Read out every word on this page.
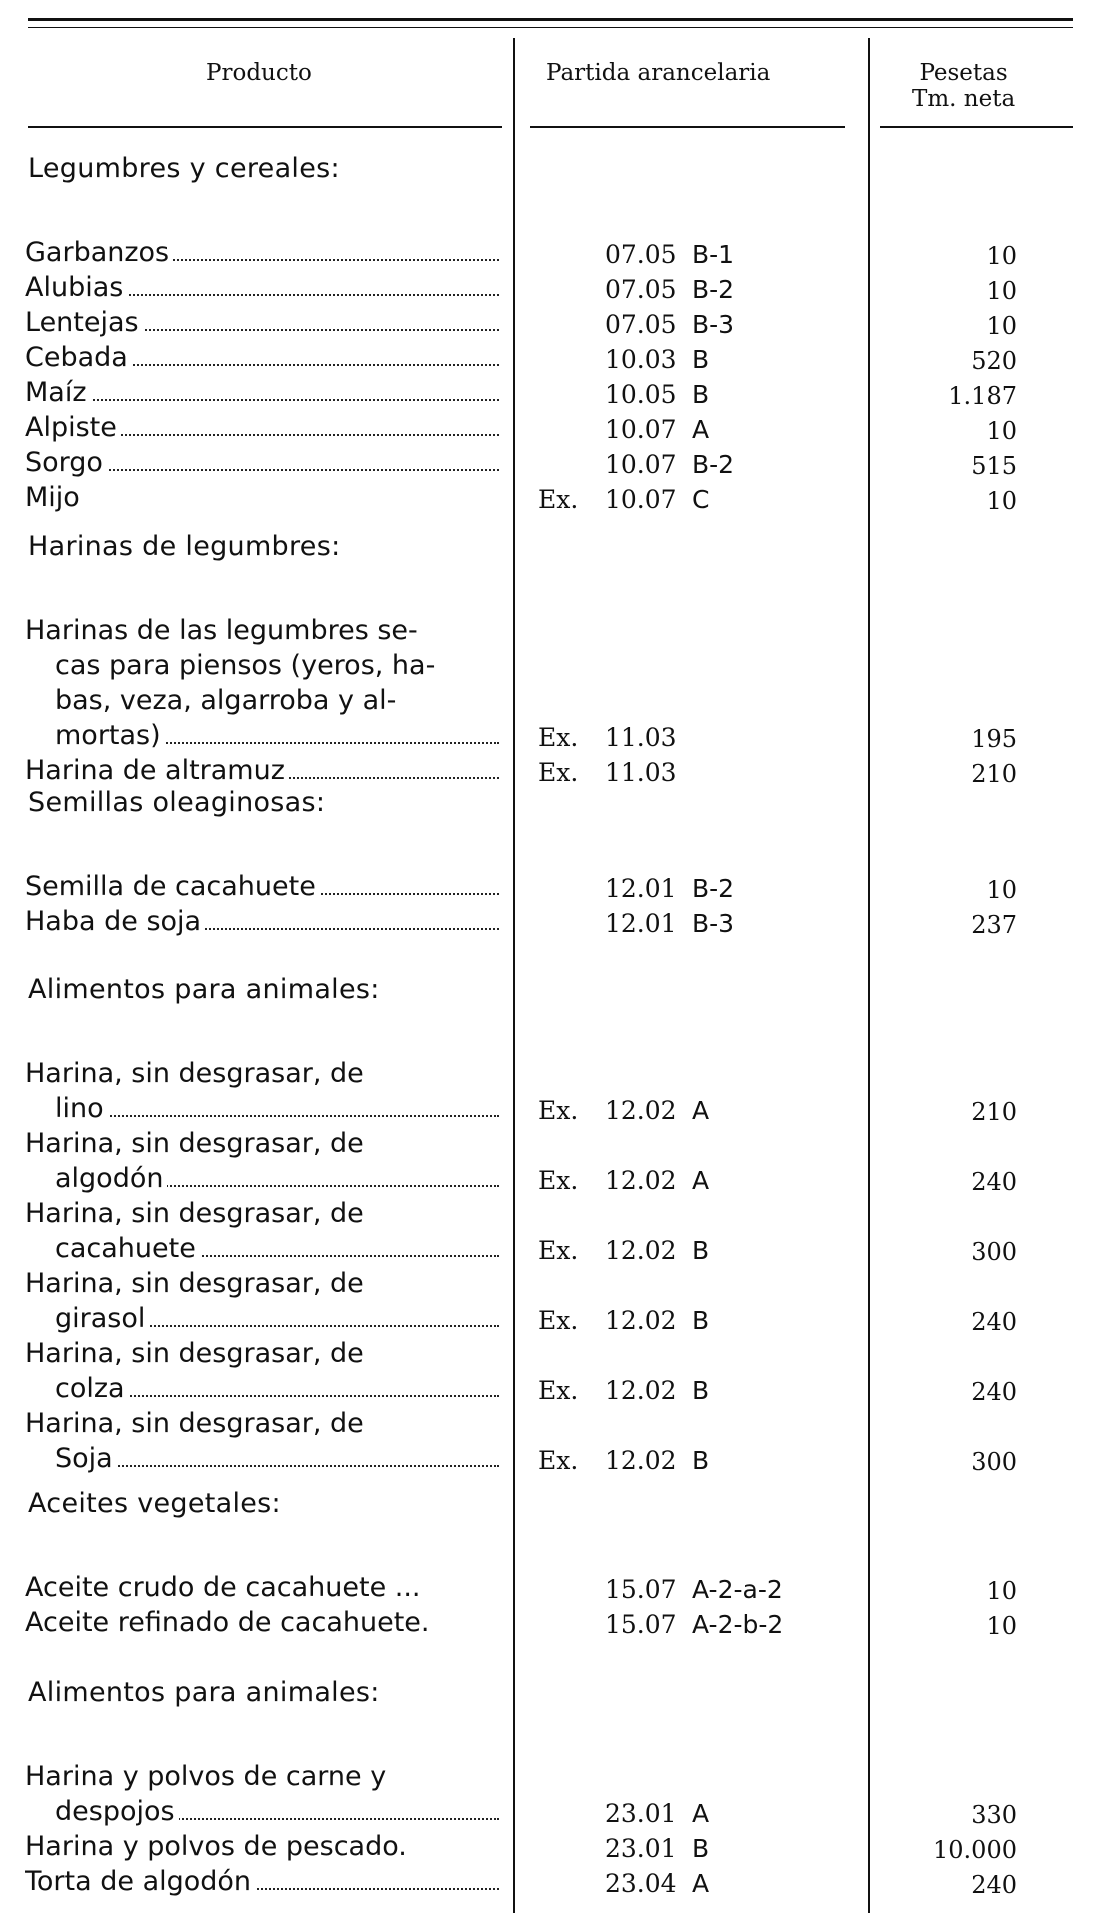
Producto	Partida arancelaria	Pesetas
Tm. neta
Legumbres y cereales:
Garbanzos	07.05 B-1	10
Alubias	07.05 B-2	10
Lentejas	07.05 B-3	10
Cebada	10.03 B	520
Maíz	10.05 B	1.187
Alpiste	10.07 A	10
Sorgo	10.07 B-2	515
Mijo	Ex. 10.07 C	10
Harinas de legumbres:
Harinas de las legumbres se-
cas para piensos (yeros, ha-
bas, veza, algarroba y al-
mortas)	Ex. 11.03	195
Harina de altramuz	Ex. 11.03	210
Semillas oleaginosas:
Semilla de cacahuete	12.01 B-2	10
Haba de soja	12.01 B-3	237
Alimentos para animales:
Harina, sin desgrasar, de
lino	Ex. 12.02 A	210
Harina, sin desgrasar, de
algodón	Ex. 12.02 A	240
Harina, sin desgrasar, de
cacahuete	Ex. 12.02 B	300
Harina, sin desgrasar, de
girasol	Ex. 12.02 B	240
Harina, sin desgrasar, de
colza	Ex. 12.02 B	240
Harina, sin desgrasar, de
Soja	Ex. 12.02 B	300
Aceites vegetales:
Aceite crudo de cacahuete ...	15.07 A-2-a-2	10
Aceite refinado de cacahuete.	15.07 A-2-b-2	10
Alimentos para animales:
Harina y polvos de carne y
despojos	23.01 A	330
Harina y polvos de pescado.	23.01 B	10.000
Torta de algodón	23.04 A	240
